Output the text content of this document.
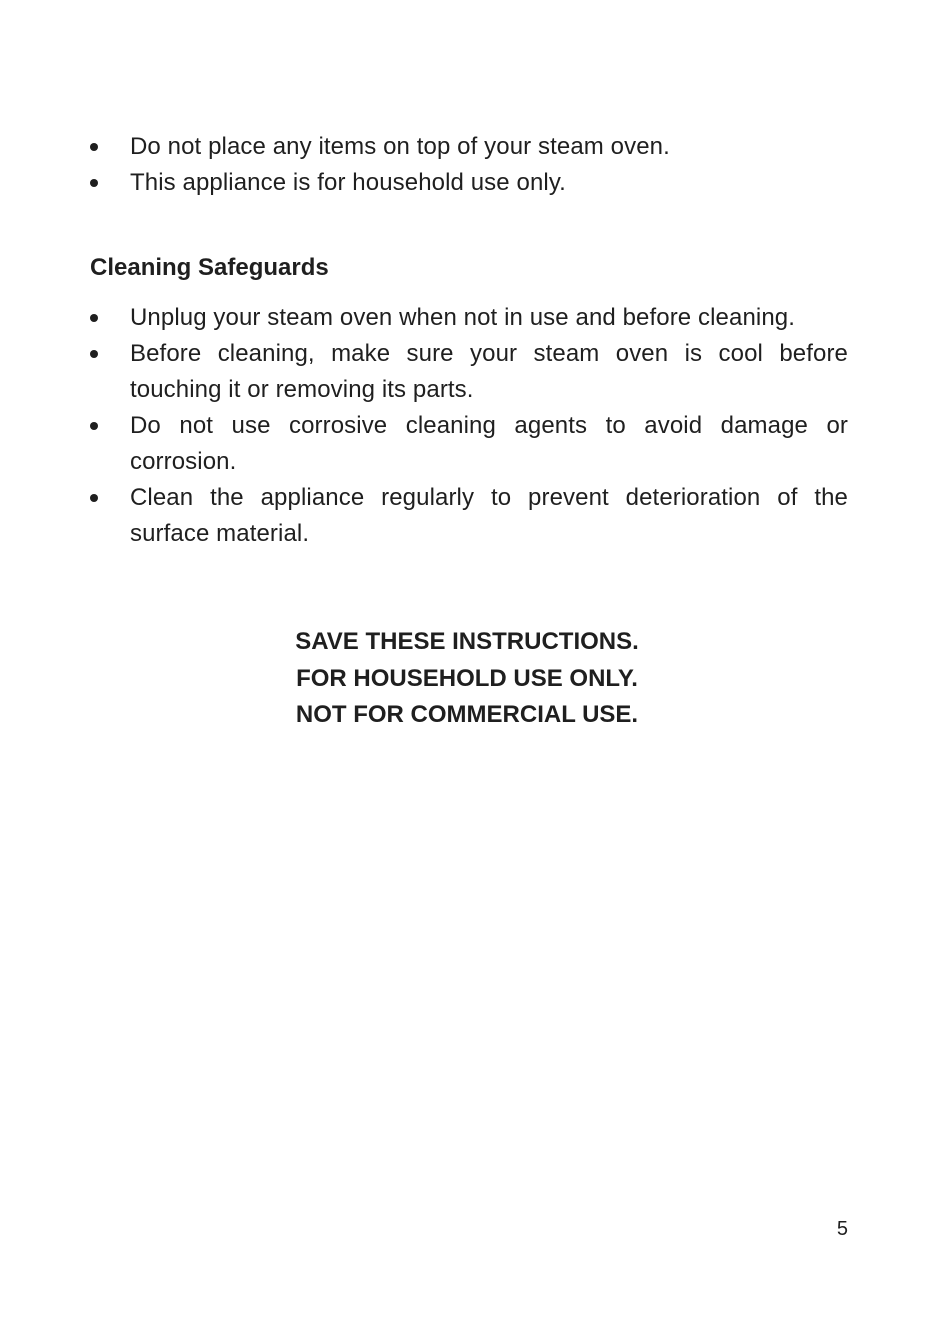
Do not place any items on top of your steam oven.
This appliance is for household use only.
Cleaning Safeguards
Unplug your steam oven when not in use and before cleaning.
Before cleaning, make sure your steam oven is cool before touching it or removing its parts.
Do not use corrosive cleaning agents to avoid damage or corrosion.
Clean the appliance regularly to prevent deterioration of the surface material.
SAVE THESE INSTRUCTIONS.
FOR HOUSEHOLD USE ONLY.
NOT FOR COMMERCIAL USE.
5
